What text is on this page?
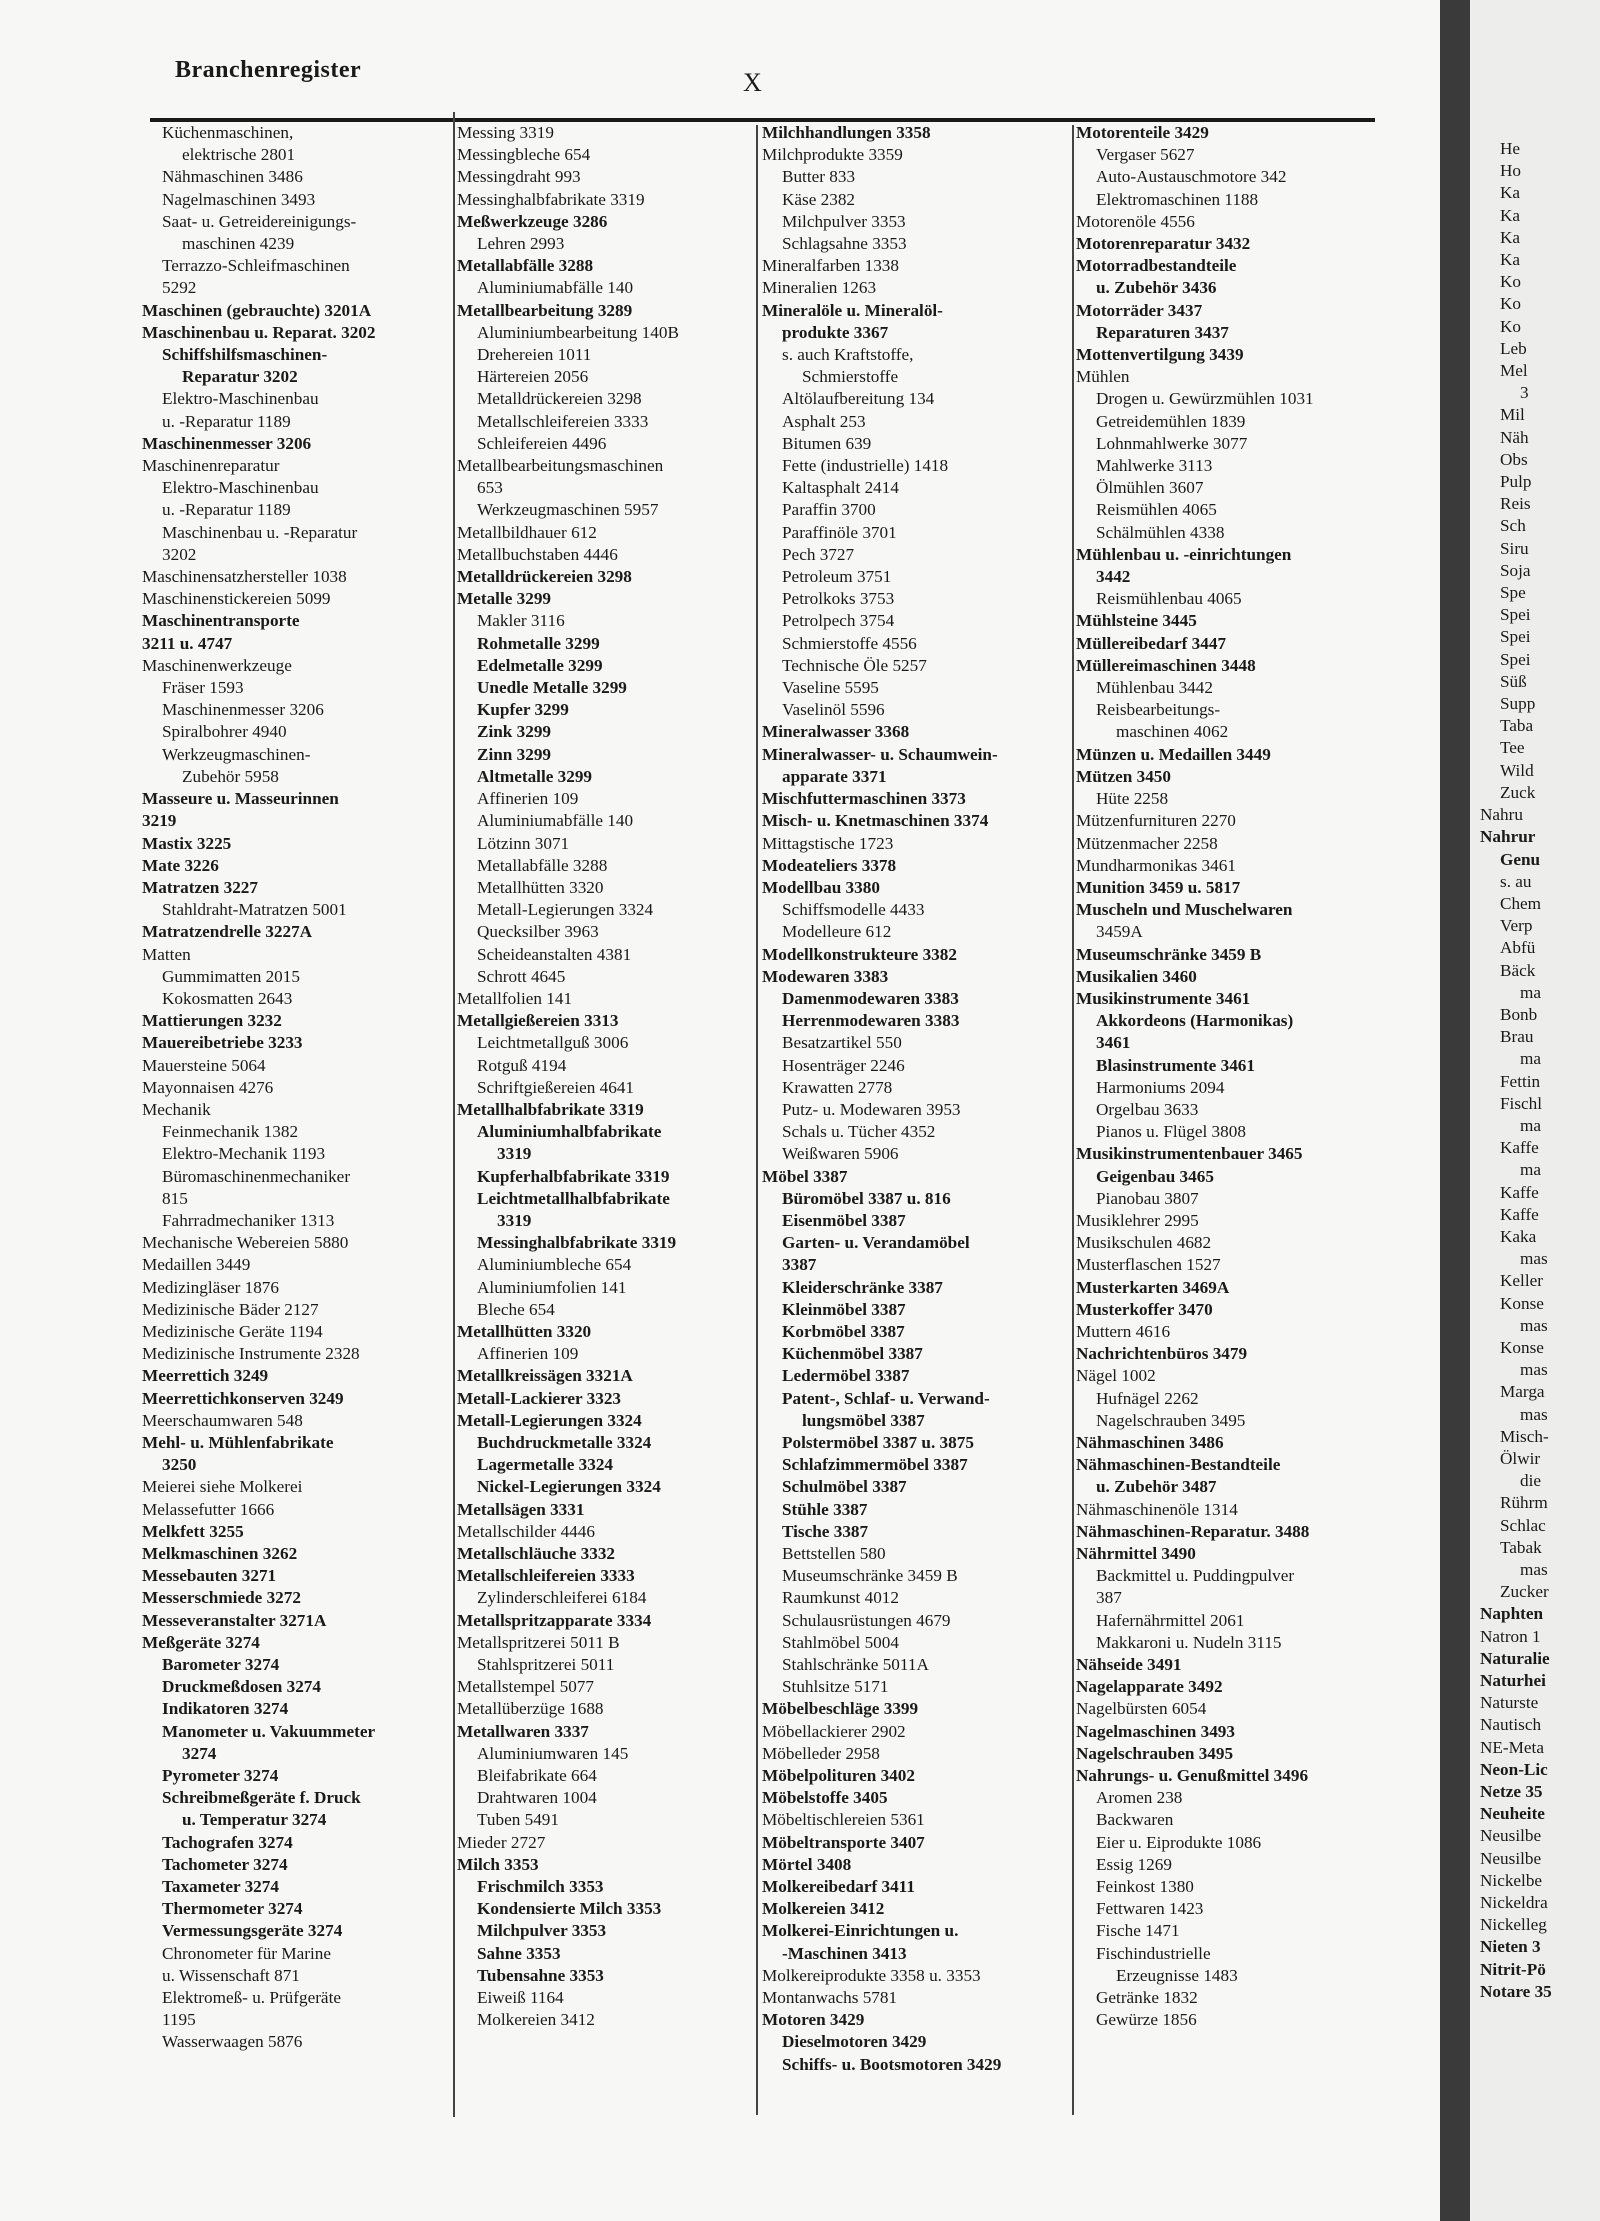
Branchenregister	X
Küchenmaschinen,
elektrische 2801
Nähmaschinen 3486
Nagelmaschinen 3493
Saat- u. Getreidereinigungs-
maschinen 4239
Terrazzo-Schleifmaschinen
5292
Maschinen (gebrauchte) 3201A
Maschinenbau u. Reparat. 3202
Schiffshilfsmaschinen-
Reparatur 3202
Elektro-Maschinenbau
u. -Reparatur 1189
Maschinenmesser 3206
Maschinenreparatur
Elektro-Maschinenbau
u. -Reparatur 1189
Maschinenbau u. -Reparatur
3202
Maschinensatzhersteller 1038
Maschinenstickereien 5099
Maschinentransporte
3211 u. 4747
Maschinenwerkzeuge
Fräser 1593
Maschinenmesser 3206
Spiralbohrer 4940
Werkzeugmaschinen-
Zubehör 5958
Masseure u. Masseurinnen
3219
Mastix 3225
Mate 3226
Matratzen 3227
Stahldraht-Matratzen 5001
Matratzendrelle 3227A
Matten
Gummimatten 2015
Kokosmatten 2643
Mattierungen 3232
Mauereibetriebe 3233
Mauersteine 5064
Mayonnaisen 4276
Mechanik
Feinmechanik 1382
Elektro-Mechanik 1193
Büromaschinenmechaniker
815
Fahrradmechaniker 1313
Mechanische Webereien 5880
Medaillen 3449
Medizingläser 1876
Medizinische Bäder 2127
Medizinische Geräte 1194
Medizinische Instrumente 2328
Meerrettich 3249
Meerrettichkonserven 3249
Meerschaumwaren 548
Mehl- u. Mühlenfabrikate
3250
Meierei siehe Molkerei
Melassefutter 1666
Melkfett 3255
Melkmaschinen 3262
Messebauten 3271
Messerschmiede 3272
Messeveranstalter 3271A
Meßgeräte 3274
Barometer 3274
Druckmeßdosen 3274
Indikatoren 3274
Manometer u. Vakuummeter
3274
Pyrometer 3274
Schreibmeßgeräte f. Druck
u. Temperatur 3274
Tachografen 3274
Tachometer 3274
Taxameter 3274
Thermometer 3274
Vermessungsgeräte 3274
Chronometer für Marine
u. Wissenschaft 871
Elektromeß- u. Prüfgeräte
1195
Wasserwaagen 5876
Messing 3319
Messingbleche 654
Messingdraht 993
Messinghalbfabrikate 3319
Meßwerkzeuge 3286
Lehren 2993
Metallabfälle 3288
Aluminiumabfälle 140
Metallbearbeitung 3289
Aluminiumbearbeitung 140B
Drehereien 1011
Härtereien 2056
Metalldrückereien 3298
Metallschleifereien 3333
Schleifereien 4496
Metallbearbeitungsmaschinen
653
Werkzeugmaschinen 5957
Metallbildhauer 612
Metallbuchstaben 4446
Metalldrückereien 3298
Metalle 3299
Makler 3116
Rohmetalle 3299
Edelmetalle 3299
Unedle Metalle 3299
Kupfer 3299
Zink 3299
Zinn 3299
Altmetalle 3299
Affinerien 109
Aluminiumabfälle 140
Lötzinn 3071
Metallabfälle 3288
Metallhütten 3320
Metall-Legierungen 3324
Quecksilber 3963
Scheideanstalten 4381
Schrott 4645
Metallfolien 141
Metallgießereien 3313
Leichtmetallguß 3006
Rotguß 4194
Schriftgießereien 4641
Metallhalbfabrikate 3319
Aluminiumhalbfabrikate
3319
Kupferhalbfabrikate 3319
Leichtmetallhalbfabrikate
3319
Messinghalbfabrikate 3319
Aluminiumbleche 654
Aluminiumfolien 141
Bleche 654
Metallhütten 3320
Affinerien 109
Metallkreissägen 3321A
Metall-Lackierer 3323
Metall-Legierungen 3324
Buchdruckmetalle 3324
Lagermetalle 3324
Nickel-Legierungen 3324
Metallsägen 3331
Metallschilder 4446
Metallschläuche 3332
Metallschleifereien 3333
Zylinderschleiferei 6184
Metallspritzapparate 3334
Metallspritzerei 5011 B
Stahlspritzerei 5011
Metallstempel 5077
Metallüberzüge 1688
Metallwaren 3337
Aluminiumwaren 145
Bleifabrikate 664
Drahtwaren 1004
Tuben 5491
Mieder 2727
Milch 3353
Frischmilch 3353
Kondensierte Milch 3353
Milchpulver 3353
Sahne 3353
Tubensahne 3353
Eiweiß 1164
Molkereien 3412
Milchhandlungen 3358
Milchprodukte 3359
Butter 833
Käse 2382
Milchpulver 3353
Schlagsahne 3353
Mineralfarben 1338
Mineralien 1263
Mineralöle u. Mineralöl-
produkte 3367
s. auch Kraftstoffe,
Schmierstoffe
Altölaufbereitung 134
Asphalt 253
Bitumen 639
Fette (industrielle) 1418
Kaltasphalt 2414
Paraffin 3700
Paraffinöle 3701
Pech 3727
Petroleum 3751
Petrolkoks 3753
Petrolpech 3754
Schmierstoffe 4556
Technische Öle 5257
Vaseline 5595
Vaselinöl 5596
Mineralwasser 3368
Mineralwasser- u. Schaumwein-
apparate 3371
Mischfuttermaschinen 3373
Misch- u. Knetmaschinen 3374
Mittagstische 1723
Modeateliers 3378
Modellbau 3380
Schiffsmodelle 4433
Modelleure 612
Modellkonstrukteure 3382
Modewaren 3383
Damenmodewaren 3383
Herrenmodewaren 3383
Besatzartikel 550
Hosenträger 2246
Krawatten 2778
Putz- u. Modewaren 3953
Schals u. Tücher 4352
Weißwaren 5906
Möbel 3387
Büromöbel 3387 u. 816
Eisenmöbel 3387
Garten- u. Verandamöbel
3387
Kleiderschränke 3387
Kleinmöbel 3387
Korbmöbel 3387
Küchenmöbel 3387
Ledermöbel 3387
Patent-, Schlaf- u. Verwand-
lungsmöbel 3387
Polstermöbel 3387 u. 3875
Schlafzimmermöbel 3387
Schulmöbel 3387
Stühle 3387
Tische 3387
Bettstellen 580
Museumschränke 3459 B
Raumkunst 4012
Schulausrüstungen 4679
Stahlmöbel 5004
Stahlschränke 5011A
Stuhlsitze 5171
Möbelbeschläge 3399
Möbellackierer 2902
Möbelleder 2958
Möbelpolituren 3402
Möbelstoffe 3405
Möbeltischlereien 5361
Möbeltransporte 3407
Mörtel 3408
Molkereibedarf 3411
Molkereien 3412
Molkerei-Einrichtungen u.
-Maschinen 3413
Molkereiprodukte 3358 u. 3353
Montanwachs 5781
Motoren 3429
Dieselmotoren 3429
Schiffs- u. Bootsmotoren 3429
Motorenteile 3429
Vergaser 5627
Auto-Austauschmotore 342
Elektromaschinen 1188
Motorenöle 4556
Motorenreparatur 3432
Motorradbestandteile
u. Zubehör 3436
Motorräder 3437
Reparaturen 3437
Mottenvertilgung 3439
Mühlen
Drogen u. Gewürzmühlen 1031
Getreidemühlen 1839
Lohnmahlwerke 3077
Mahlwerke 3113
Ölmühlen 3607
Reismühlen 4065
Schälmühlen 4338
Mühlenbau u. -einrichtungen
3442
Reismühlenbau 4065
Mühlsteine 3445
Müllereibedarf 3447
Müllereimaschinen 3448
Mühlenbau 3442
Reisbearbeitungs-
maschinen 4062
Münzen u. Medaillen 3449
Mützen 3450
Hüte 2258
Mützenfurnituren 2270
Mützenmacher 2258
Mundharmonikas 3461
Munition 3459 u. 5817
Muscheln und Muschelwaren
3459A
Museumschränke 3459 B
Musikalien 3460
Musikinstrumente 3461
Akkordeons (Harmonikas)
3461
Blasinstrumente 3461
Harmoniums 2094
Orgelbau 3633
Pianos u. Flügel 3808
Musikinstrumentenbauer 3465
Geigenbau 3465
Pianobau 3807
Musiklehrer 2995
Musikschulen 4682
Musterflaschen 1527
Musterkarten 3469A
Musterkoffer 3470
Muttern 4616
Nachrichtenbüros 3479
Nägel 1002
Hufnägel 2262
Nagelschrauben 3495
Nähmaschinen 3486
Nähmaschinen-Bestandteile
u. Zubehör 3487
Nähmaschinenöle 1314
Nähmaschinen-Reparatur. 3488
Nährmittel 3490
Backmittel u. Puddingpulver
387
Hafernährmittel 2061
Makkaroni u. Nudeln 3115
Nähseide 3491
Nagelapparate 3492
Nagelbürsten 6054
Nagelmaschinen 3493
Nagelschrauben 3495
Nahrungs- u. Genußmittel 3496
Aromen 238
Backwaren
Eier u. Eiprodukte 1086
Essig 1269
Feinkost 1380
Fettwaren 1423
Fische 1471
Fischindustrielle
Erzeugnisse 1483
Getränke 1832
Gewürze 1856
He
Ho
Ka
Ka
Ka
Ka
Ko
Ko
Ko
Leb
Mel
3
Mil
Näh
Obs
Pulp
Reis
Sch
Siru
Soja
Spe
Spei
Spei
Spei
Süß
Supp
Taba
Tee
Wild
Zuck
Nahru
Nahrur
Genu
s. au
Chem
Verp
Abfü
Bäck
ma
Bonb
Brau
ma
Fettin
Fischl
ma
Kaffe
ma
Kaffe
Kaffe
Kaka
mas
Keller
Konse
mas
Konse
mas
Marga
mas
Misch-
Ölwir
die
Rührm
Schlac
Tabak
mas
Zucker
Naphten
Natron 1
Naturalie
Naturhei
Naturste
Nautisch
NE-Meta
Neon-Lic
Netze 35
Neuheite
Neusilbe
Neusilbe
Nickelbe
Nickeldra
Nickelleg
Nieten 3
Nitrit-Pö
Notare 35
